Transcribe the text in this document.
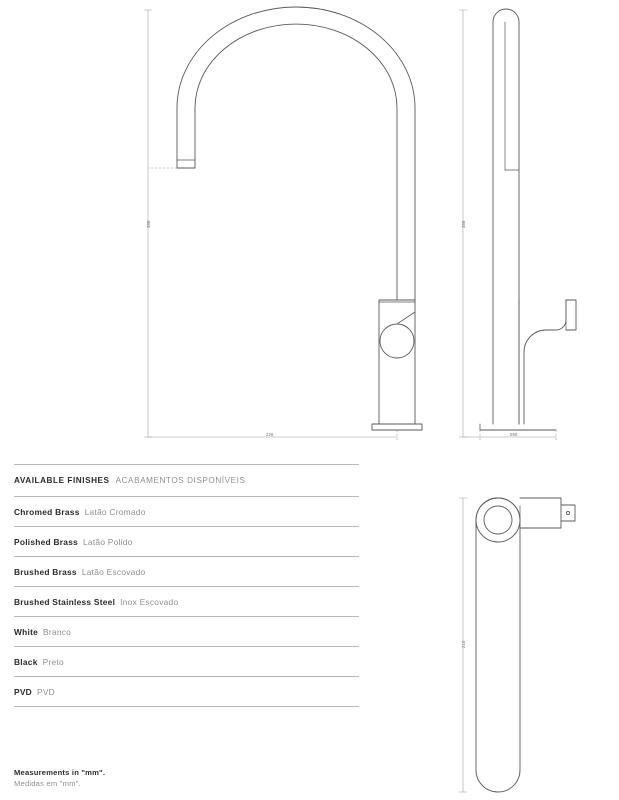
226
388	388
050
210
AVAILABLE FINISHES ACABAMENTOS DISPONÍVEIS
Chromed Brass Latão Cromado
Polished Brass Latão Polido
Brushed Brass Latão Escovado
Brushed Stainless Steel Inox Escovado
White Branco
Black Preto
PVD PVD
Measurements in "mm".
Medidas em "mm".
